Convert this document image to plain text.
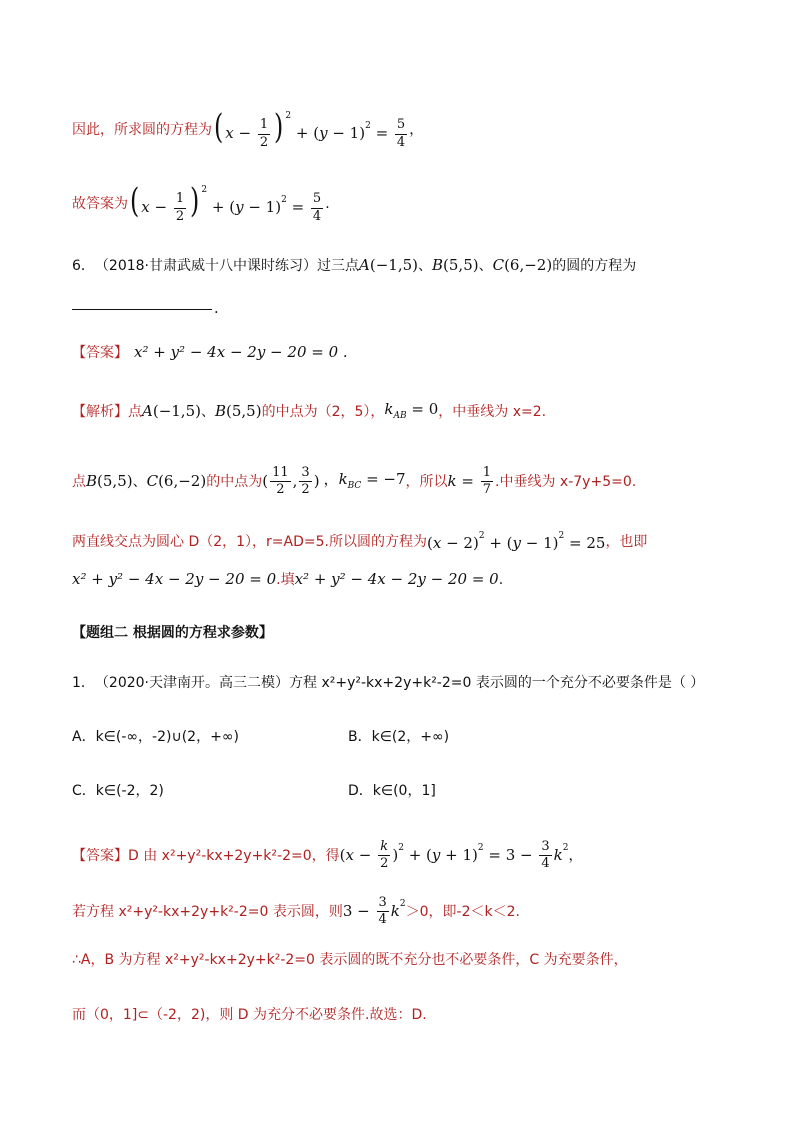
因此，所求圆的方程为 ( $x - \frac{1}{2}$ ) $^2 + (y - 1)^2 = \frac{5}{4}$ ，
故答案为 ( $x - \frac{1}{2}$ ) $^2 + (y - 1)^2 = \frac{5}{4}$ .
6． （2018·甘肃武威十八中课时练习） 过三点 A(−1,5) 、 B(5,5) 、 C(6,−2) 的圆的方程为
.
【答案】 x² + y² − 4x − 2y − 20 = 0 .
【解析】 点 A(−1,5) 、 B(5,5) 的中点为（2，5）， $k_{AB} = 0$ ，中垂线为 x=2.
点 B(5,5) 、 C(6,−2) 的中点为 ( $\frac{11}{2}$ , $\frac{3}{2}$ ) ，$k_{BC} = -7$ ，所以 $k = \frac{1}{7}$ .中垂线为 x-7y+5=0.
两直线交点为圆心 D（2，1），r=AD=5.所以圆的方程为 $(x - 2)^2 + (y - 1)^2 = 25$ ，也即
x² + y² − 4x − 2y − 20 = 0 .填 x² + y² − 4x − 2y − 20 = 0 .
【题组二 根据圆的方程求参数】
1． （2020·天津南开。高三二模） 方程 x²+y²-kx+2y+k²-2=0 表示圆的一个充分不必要条件是（ ）
A．k∈(-∞，-2)∪(2，+∞)	B．k∈(2，+∞)
C．k∈(-2，2)	D．k∈(0，1]
【答案】 D 由 x²+y²-kx+2y+k²-2=0，得 $(x - \frac{k}{2} )^2 + (y + 1)^2 = 3 - \frac{3}{4} k^2$ ，
若方程 x²+y²-kx+2y+k²-2=0 表示圆，则 $3 - \frac{3}{4} k^2 >0$，即-2＜k＜2.
∴A，B 为方程 x²+y²-kx+2y+k²-2=0 表示圆的既不充分也不必要条件，C 为充要条件，
而（0，1]⊂（-2，2)，则 D 为充分不必要条件.故选：D.
